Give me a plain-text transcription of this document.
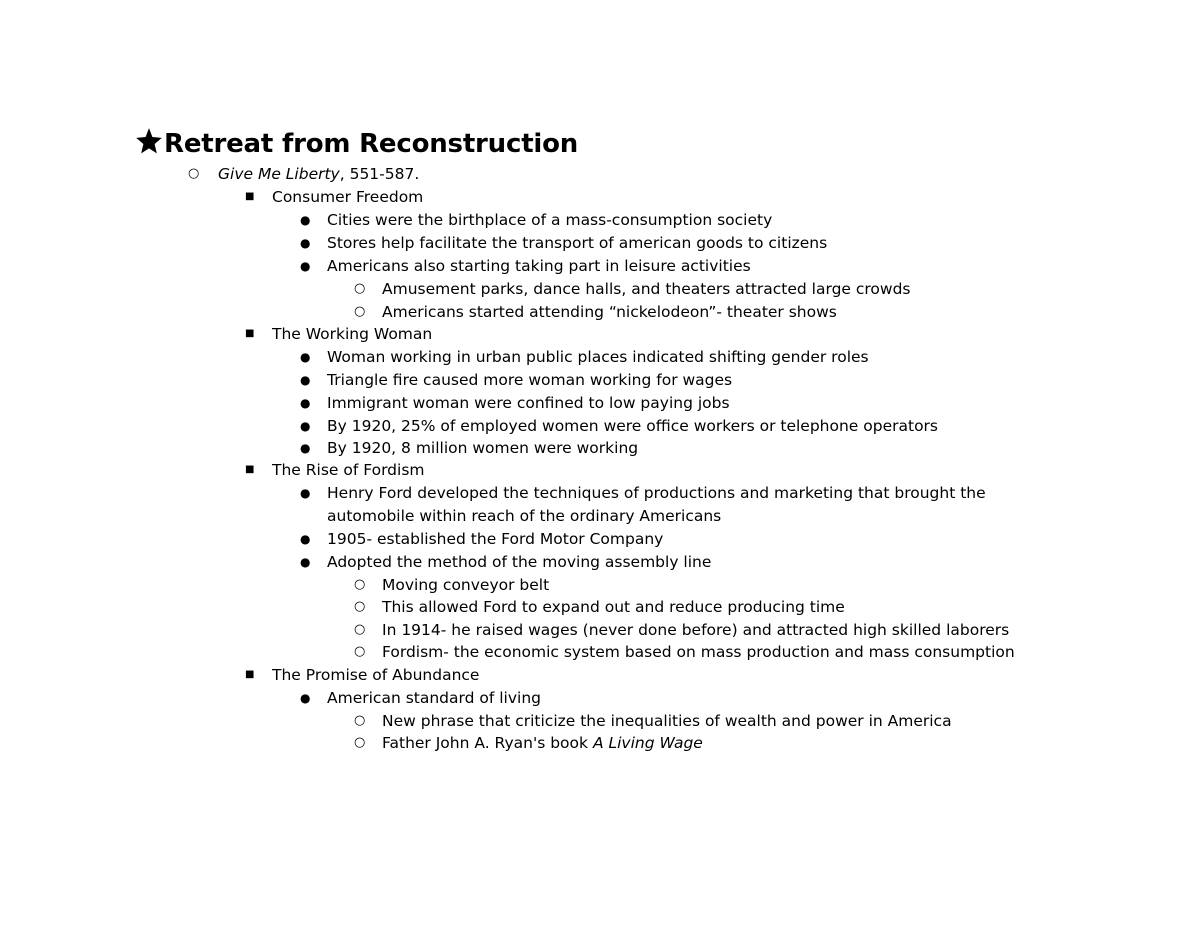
Retreat from Reconstruction
○ Give Me Liberty, 551-587.
■ Consumer Freedom
● Cities were the birthplace of a mass-consumption society
● Stores help facilitate the transport of american goods to citizens
● Americans also starting taking part in leisure activities
○ Amusement parks, dance halls, and theaters attracted large crowds
○ Americans started attending “nickelodeon”- theater shows
■ The Working Woman
● Woman working in urban public places indicated shifting gender roles
● Triangle fire caused more woman working for wages
● Immigrant woman were confined to low paying jobs
● By 1920, 25% of employed women were office workers or telephone operators
● By 1920, 8 million women were working
■ The Rise of Fordism
● Henry Ford developed the techniques of productions and marketing that brought the automobile within reach of the ordinary Americans
● 1905- established the Ford Motor Company
● Adopted the method of the moving assembly line
○ Moving conveyor belt
○ This allowed Ford to expand out and reduce producing time
○ In 1914- he raised wages (never done before) and attracted high skilled laborers
○ Fordism- the economic system based on mass production and mass consumption
■ The Promise of Abundance
● American standard of living
○ New phrase that criticize the inequalities of wealth and power in America
○ Father John A. Ryan's book A Living Wage
